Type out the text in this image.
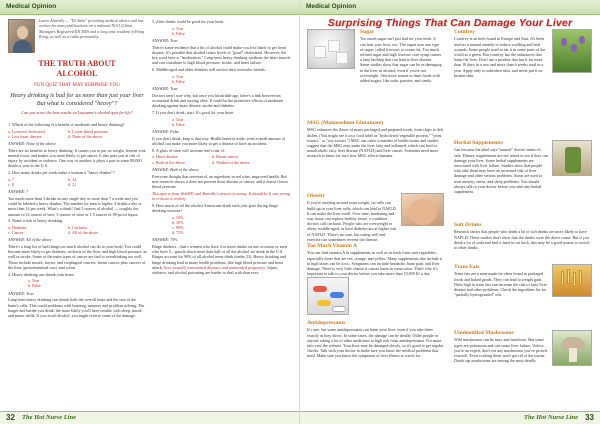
Medical Opinion
Laura Ahmedly — "Dr Saba" providing medical advice and has written for many publications on a national NGO (China Managers Registered RN MD) and a long time resident of Hong Kong, as well as a radio personality.
THE TRUTH ABOUT
ALCOHOL
FUN QUIZ THAT MAY SURPRISE YOU
Heavy drinking is bad for us more than just your liver
But what is considered "heavy"?
Can you score the best results on Lausanne's alcohol quiz for life?

1. Which of the following is a benefit of moderate and heavy drinking?

a. Lowered cholesterol	b. Lower blood pressure
c. Less heart disease	d. None of the above

ANSWER: None of the above

There are no benefits to heavy drinking. It causes you to put on weight, lessens your mental focus, and makes you more likely to get cancer. It also puts you at risk of injury by accident or violence. One way or another, it plays a part in some 88,000 deaths a year in the U.S.

2. How many drinks per week make a woman a "heavy drinker"?

a. 7	b. 14
c. 8	d. 21

ANSWER: 7

Too much more than 3 drinks on any single day or more than 7 a week and you could be labeled a heavy drinker. The number for men is higher: 4 drinks a day or more than 14 per week. What's a drink? Just 5 ounces of alcohol — roughly the amount in 12 ounces of beer, 5 ounces of wine or 1.5 ounces of 80-proof liquor.

3. Name a risk of heavy drinking.

a. Diabetes	b. Cirrhosis
c. Cancer	d. All of the above

ANSWER: All of the above

There's a long list of bad things too much alcohol can do to your body. You could become more likely to get diabetes, cirrhosis of the liver, and high blood pressure, as well as stroke. Some of the main types of cancer are tied to overdrinking too well. Those include mouth, larynx, and esophageal cancers, breast cancer, plus cancers of the liver, gastrointestinal tract, and colon.

4. Heavy drinking can shrink your brain.

a. True
b. False

ANSWER: True

Long-term heavy drinking can shrink both the overall brain and the size of the brain's cells. This could problems with learning, memory and problem solving. The longer and harder you drink, the more likely you'll have trouble with sleep, mood, and motor skills. If you avoid alcohol, you might reverse some of the damage.

5. After drinks could be good for your heart.

a. True
b. False

ANSWER: True

There's some evidence that a bit of alcohol could make you less likely to get heart disease. It's possible that alcohol raises levels of "good" cholesterol. However, the key word here is "moderation." Long-term heavy drinking weakens the heart muscle and can contribute to high blood pressure, stroke, and heart failure.

6. Middle-aged and older drinkers will outlive their teetotaler friends.

a. True
b. False

ANSWER: True

Doctors aren't sure why, but once you hit middle age, there's a link between an occasional drink and staying alive. It could be the protective effects of moderate drinking against heart disease, stroke and diabetes.

7. If you don't drink, start. It's good for your heart.

a. True
b. False

ANSWER: False

If you don't drink, keep it that way. Health benefits aside, even a small amount of alcohol can make you more likely to get a disease or have an accident.

8. A glass of wine will increase one's risk of:

a. Heart disease	b. Breast cancer
c. Both of the above	d. Neither of the above

ANSWER: Both of the above

Everyone thought that resveratrol, an ingredient in red wine, improved health. But new research shows it does not prevent heart disease or cancer, and it doesn't lower blood pressure.

This quiz is from WebMD and Ahmedly's answer is wrong. It should be It was wrong to criticize it entirely.

9. How much of all the alcohol Americans drink each year goes during binge drinking sessions?

a. 10%
b. 50%
c. 90%
d. 75%

ANSWER: 75%

Binge drinkers – that's women who have 4 or more drinks on one occasion or men who have 5 – guzzle down more than half of all the alcohol we drink in the U.S. Binges account for 90% of all alcohol teens drink (under 21). Heavy drinking and binge drinking lead to many health problems, like high blood pressure and heart attack, liver, sexually transmitted diseases and unintended pregnancy. Injury, violence, and alcohol poisoning are harder to deal with than ever.

32 The Hot Nurse Line
Medical Opinion
Surprising Things That Can Damage Your Liver
Sugar

Too much sugar isn't just bad for your teeth. It can hurt your liver, too. The organ uses one type of sugar, called fructose, to create fat. Too much refined sugar and high fructose corn syrup causes a fatty buildup that can lead to liver disease. Some studies show that sugar can be as damaging to the liver as alcohol, even if you're not overweight. One more reason to limit foods with added sugars, like soda, pastries, and candy.

MSG (Monosodium Glutamate)

MSG enhances the flavor of many packaged and prepared foods, from chips to deli dishes. (You might see it on a food label as "hydrolyzed vegetable protein," "yeast extract," or "soy extract.") MSG can cause a number of health issues and studies suggest that the MSG may make the liver fatty and inflamed, which can lead to nonalcoholic fatty liver disease (NAFLD) and liver cancer. Scientists need more research to know for sure how MSG affects humans.

Obesity

If you're carrying around extra weight, fat cells can build up in your liver cells, which can lead to NAFLD. It can make the liver swell. Over time, hardening and scar tissue can replace healthy tissue, a condition doctors call cirrhosis. People who are overweight or obese, middle-aged, or have diabetes are at higher risk of NAFLD. There's no cure, but eating well and exercise can sometimes reverse the disease.

Too Much Vitamin A

You can find vitamin A in supplements as well as in fresh fruits and vegetables, especially those that are red, orange, and yellow. Many supplements that include it in high doses can be toxic. Symptoms can include headache, bone pain, and liver damage. There is very little chance it causes harm in some cases. That's why it's important to talk to your doctor before you take more than 10,000 IU a day.

Antidepressants

It's rare, but some antidepressants can harm your liver, even if you take them exactly as they direct. In some cases, the damage can be deadly. Older people or anyone taking a lot of other medicines at high risk from antidepressants. For more info visit the website. Your liver may be damaged slowly, so it's good to get regular checks. Talk with your doctor to make sure you know the medical problems that need. Make sure you know the symptoms of liver illness to watch for.

Comfrey

Comfrey is an herb found in Europe and Asia. It's been used as a natural remedy to reduce swelling and heal wounds. Some people used to eat it in some parts of the world as a green. But comfrey has the substances that harm the liver. Don't use a product that has it for more than 10 days in a row and more than 6 weeks total in a year. Apply only to unbroken skin, and never put it on broken skin.

Herbal Supplements

Just because the label says "natural" doesn't mean it's safe. Dietary supplements are not tested to see if they can damage your liver. Some herbal supplements are associated with liver failure. Studies show that people who take them may have an increased risk of liver damage and other serious problems. Some are used to treat anxiety, stress, and sleep problems. You should always talk to your doctor before you take any herbal supplement.

Soft Drinks

Research shows that people who drink a lot of soft drinks are more likely to have NAFLD. These studies don't show that the drinks were the direct cause. But if you drink a lot of soda and find it hard to cut back, this may be a good reason to switch to other drinks.

Trans Fats

Trans fats are a man-made fat often found in packaged foods and baked goods. They can lead to weight gain. Diets high in trans fats can increase the risk of fatty liver disease and other problems. Check the ingredient list for "partially hydrogenated" oils.

Unidentified Mushrooms

Wild mushrooms can be tasty and nutritious. But some types are poisonous and can cause liver failure. Unless you're an expert, don't eat any mushrooms you've picked yourself. Even cooking them won't get rid of the toxins. Death cap mushrooms are among the most deadly.

The Hot Nurse Line 33
